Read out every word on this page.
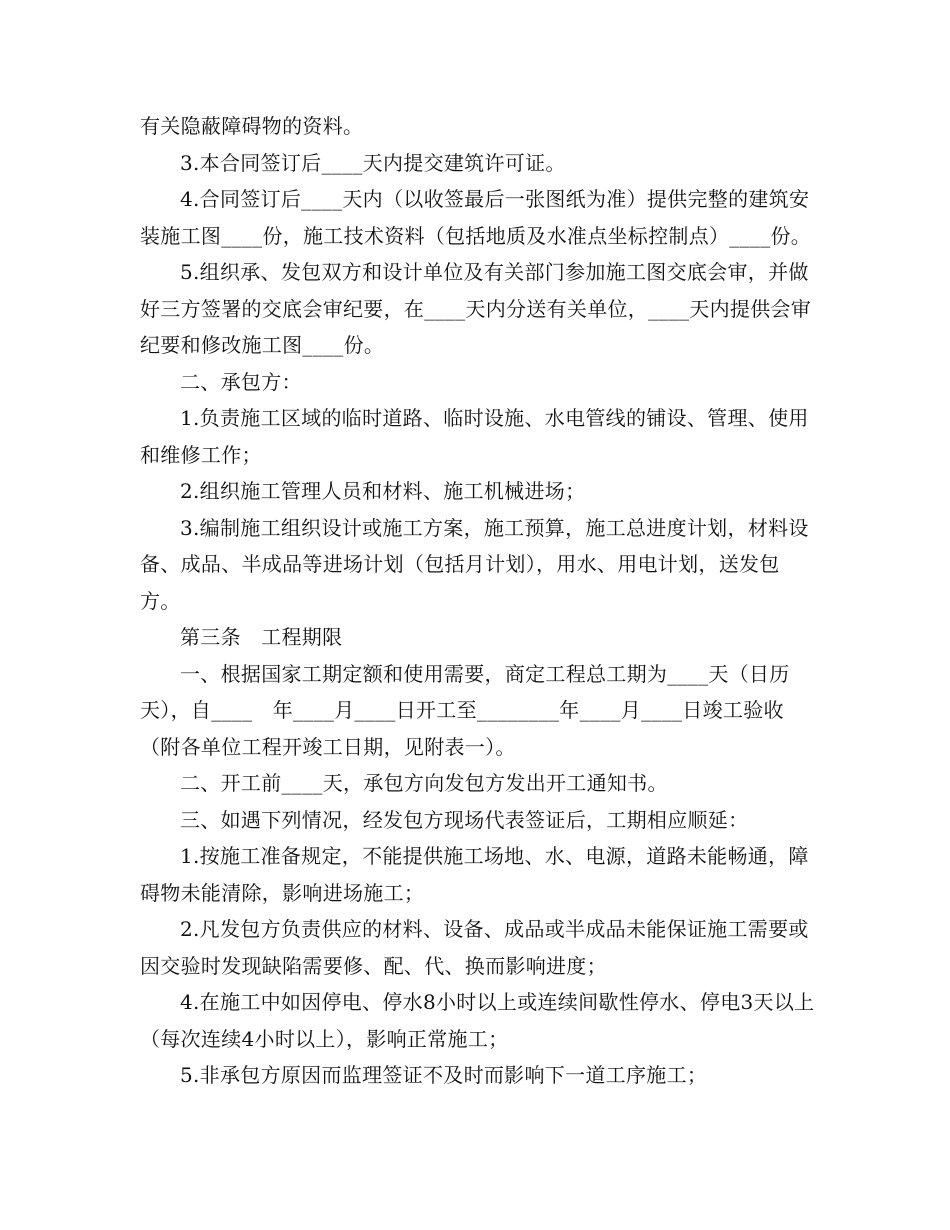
有关隐蔽障碍物的资料。

3.本合同签订后____天内提交建筑许可证。

4.合同签订后____天内（以收签最后一张图纸为准）提供完整的建筑安装施工图____份，施工技术资料（包括地质及水准点坐标控制点）____份。

5.组织承、发包双方和设计单位及有关部门参加施工图交底会审，并做好三方签署的交底会审纪要，在____天内分送有关单位，____天内提供会审纪要和修改施工图____份。

二、承包方：

1.负责施工区域的临时道路、临时设施、水电管线的铺设、管理、使用和维修工作；

2.组织施工管理人员和材料、施工机械进场；

3.编制施工组织设计或施工方案，施工预算，施工总进度计划，材料设备、成品、半成品等进场计划（包括月计划），用水、用电计划，送发包方。

第三条　工程期限

一、根据国家工期定额和使用需要，商定工程总工期为____天（日历天），自____　年____月____日开工至________年____月____日竣工验收（附各单位工程开竣工日期，见附表一）。

二、开工前____天，承包方向发包方发出开工通知书。

三、如遇下列情况，经发包方现场代表签证后，工期相应顺延：

1.按施工准备规定，不能提供施工场地、水、电源，道路未能畅通，障碍物未能清除，影响进场施工；

2.凡发包方负责供应的材料、设备、成品或半成品未能保证施工需要或因交验时发现缺陷需要修、配、代、换而影响进度；

4.在施工中如因停电、停水8小时以上或连续间歇性停水、停电3天以上（每次连续4小时以上），影响正常施工；

5.非承包方原因而监理签证不及时而影响下一道工序施工；
